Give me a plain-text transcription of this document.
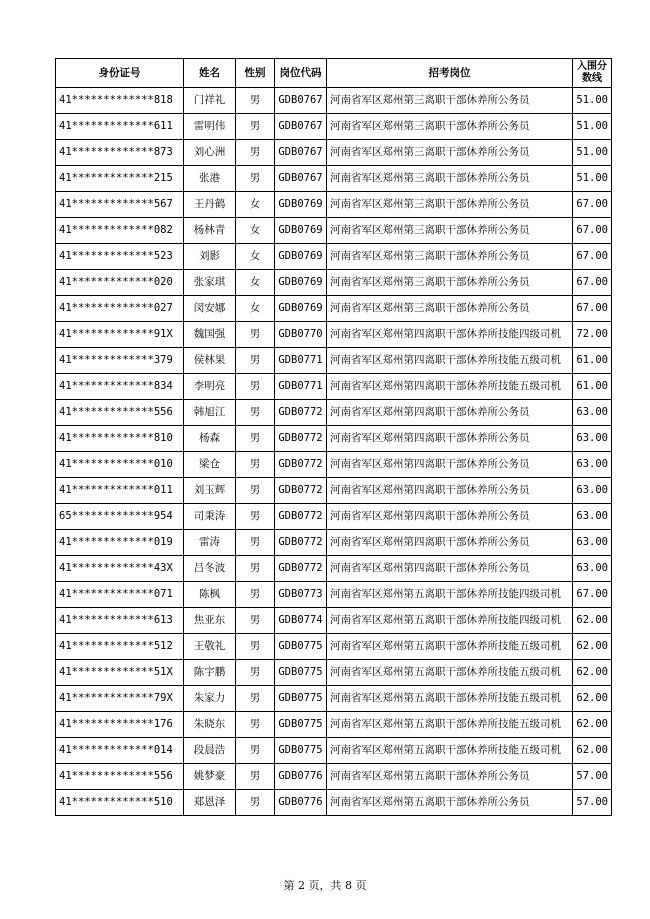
身份证号	姓名	性别	岗位代码	招考岗位	入围分数线
41*************818	门祥礼	男	GDB0767	河南省军区郑州第三离职干部休养所公务员	51.00
41*************611	雷明伟	男	GDB0767	河南省军区郑州第三离职干部休养所公务员	51.00
41*************873	刘心洲	男	GDB0767	河南省军区郑州第三离职干部休养所公务员	51.00
41*************215	张港	男	GDB0767	河南省军区郑州第三离职干部休养所公务员	51.00
41*************567	王丹鹤	女	GDB0769	河南省军区郑州第三离职干部休养所公务员	67.00
41*************082	杨林青	女	GDB0769	河南省军区郑州第三离职干部休养所公务员	67.00
41*************523	刘影	女	GDB0769	河南省军区郑州第三离职干部休养所公务员	67.00
41*************020	张家琪	女	GDB0769	河南省军区郑州第三离职干部休养所公务员	67.00
41*************027	闵安娜	女	GDB0769	河南省军区郑州第三离职干部休养所公务员	67.00
41*************91X	魏国强	男	GDB0770	河南省军区郑州第四离职干部休养所技能四级司机	72.00
41*************379	侯林果	男	GDB0771	河南省军区郑州第四离职干部休养所技能五级司机	61.00
41*************834	李明亮	男	GDB0771	河南省军区郑州第四离职干部休养所技能五级司机	61.00
41*************556	韩旭江	男	GDB0772	河南省军区郑州第四离职干部休养所公务员	63.00
41*************810	杨森	男	GDB0772	河南省军区郑州第四离职干部休养所公务员	63.00
41*************010	梁仓	男	GDB0772	河南省军区郑州第四离职干部休养所公务员	63.00
41*************011	刘玉辉	男	GDB0772	河南省军区郑州第四离职干部休养所公务员	63.00
65*************954	司秉涛	男	GDB0772	河南省军区郑州第四离职干部休养所公务员	63.00
41*************019	雷涛	男	GDB0772	河南省军区郑州第四离职干部休养所公务员	63.00
41*************43X	吕冬波	男	GDB0772	河南省军区郑州第四离职干部休养所公务员	63.00
41*************071	陈枫	男	GDB0773	河南省军区郑州第五离职干部休养所技能四级司机	67.00
41*************613	焦亚东	男	GDB0774	河南省军区郑州第五离职干部休养所技能四级司机	62.00
41*************512	王敬礼	男	GDB0775	河南省军区郑州第五离职干部休养所技能五级司机	62.00
41*************51X	陈宇鹏	男	GDB0775	河南省军区郑州第五离职干部休养所技能五级司机	62.00
41*************79X	朱家力	男	GDB0775	河南省军区郑州第五离职干部休养所技能五级司机	62.00
41*************176	朱晓东	男	GDB0775	河南省军区郑州第五离职干部休养所技能五级司机	62.00
41*************014	段晨浩	男	GDB0775	河南省军区郑州第五离职干部休养所技能五级司机	62.00
41*************556	姚梦豪	男	GDB0776	河南省军区郑州第五离职干部休养所公务员	57.00
41*************510	郑恩泽	男	GDB0776	河南省军区郑州第五离职干部休养所公务员	57.00
第 2 页，共 8 页
